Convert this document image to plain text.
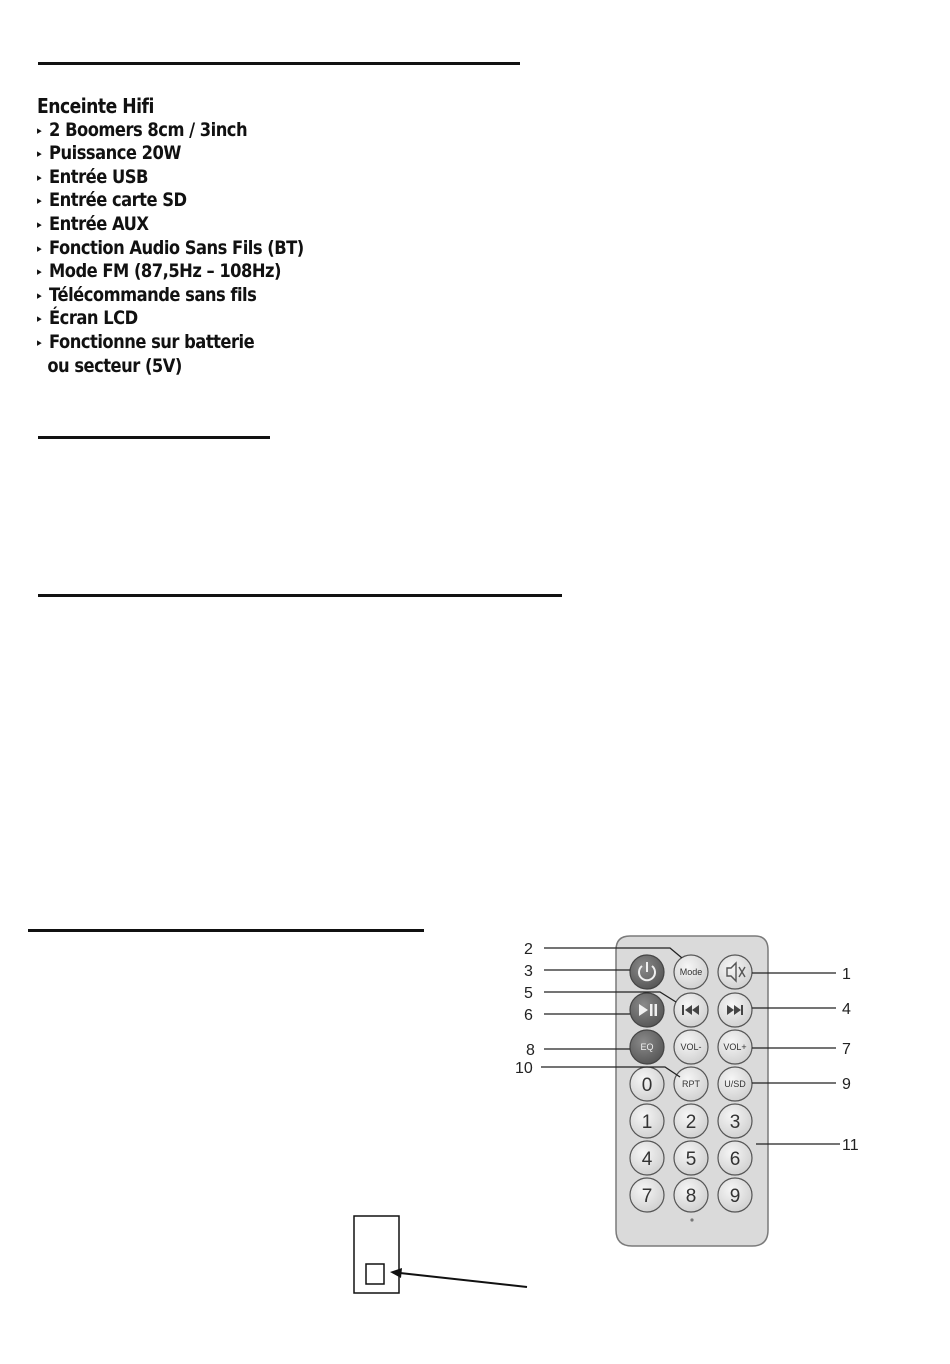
Enceinte Hifi
▸ 2 Boomers 8cm / 3inch
▸ Puissance 20W
▸ Entrée USB
▸ Entrée carte SD
▸ Entrée AUX
▸ Fonction Audio Sans Fils (BT)
▸ Mode FM (87,5Hz – 108Hz)
▸ Télécommande sans fils
▸ Écran LCD
▸ Fonctionne sur batterie
ou secteur (5V)
Mode
EQ	VOL- VOL+
0	RPT	U/SD
1 2 3
4 5 6
7 8 9
2
3
5
6
8
10
1
4
7
9
11
